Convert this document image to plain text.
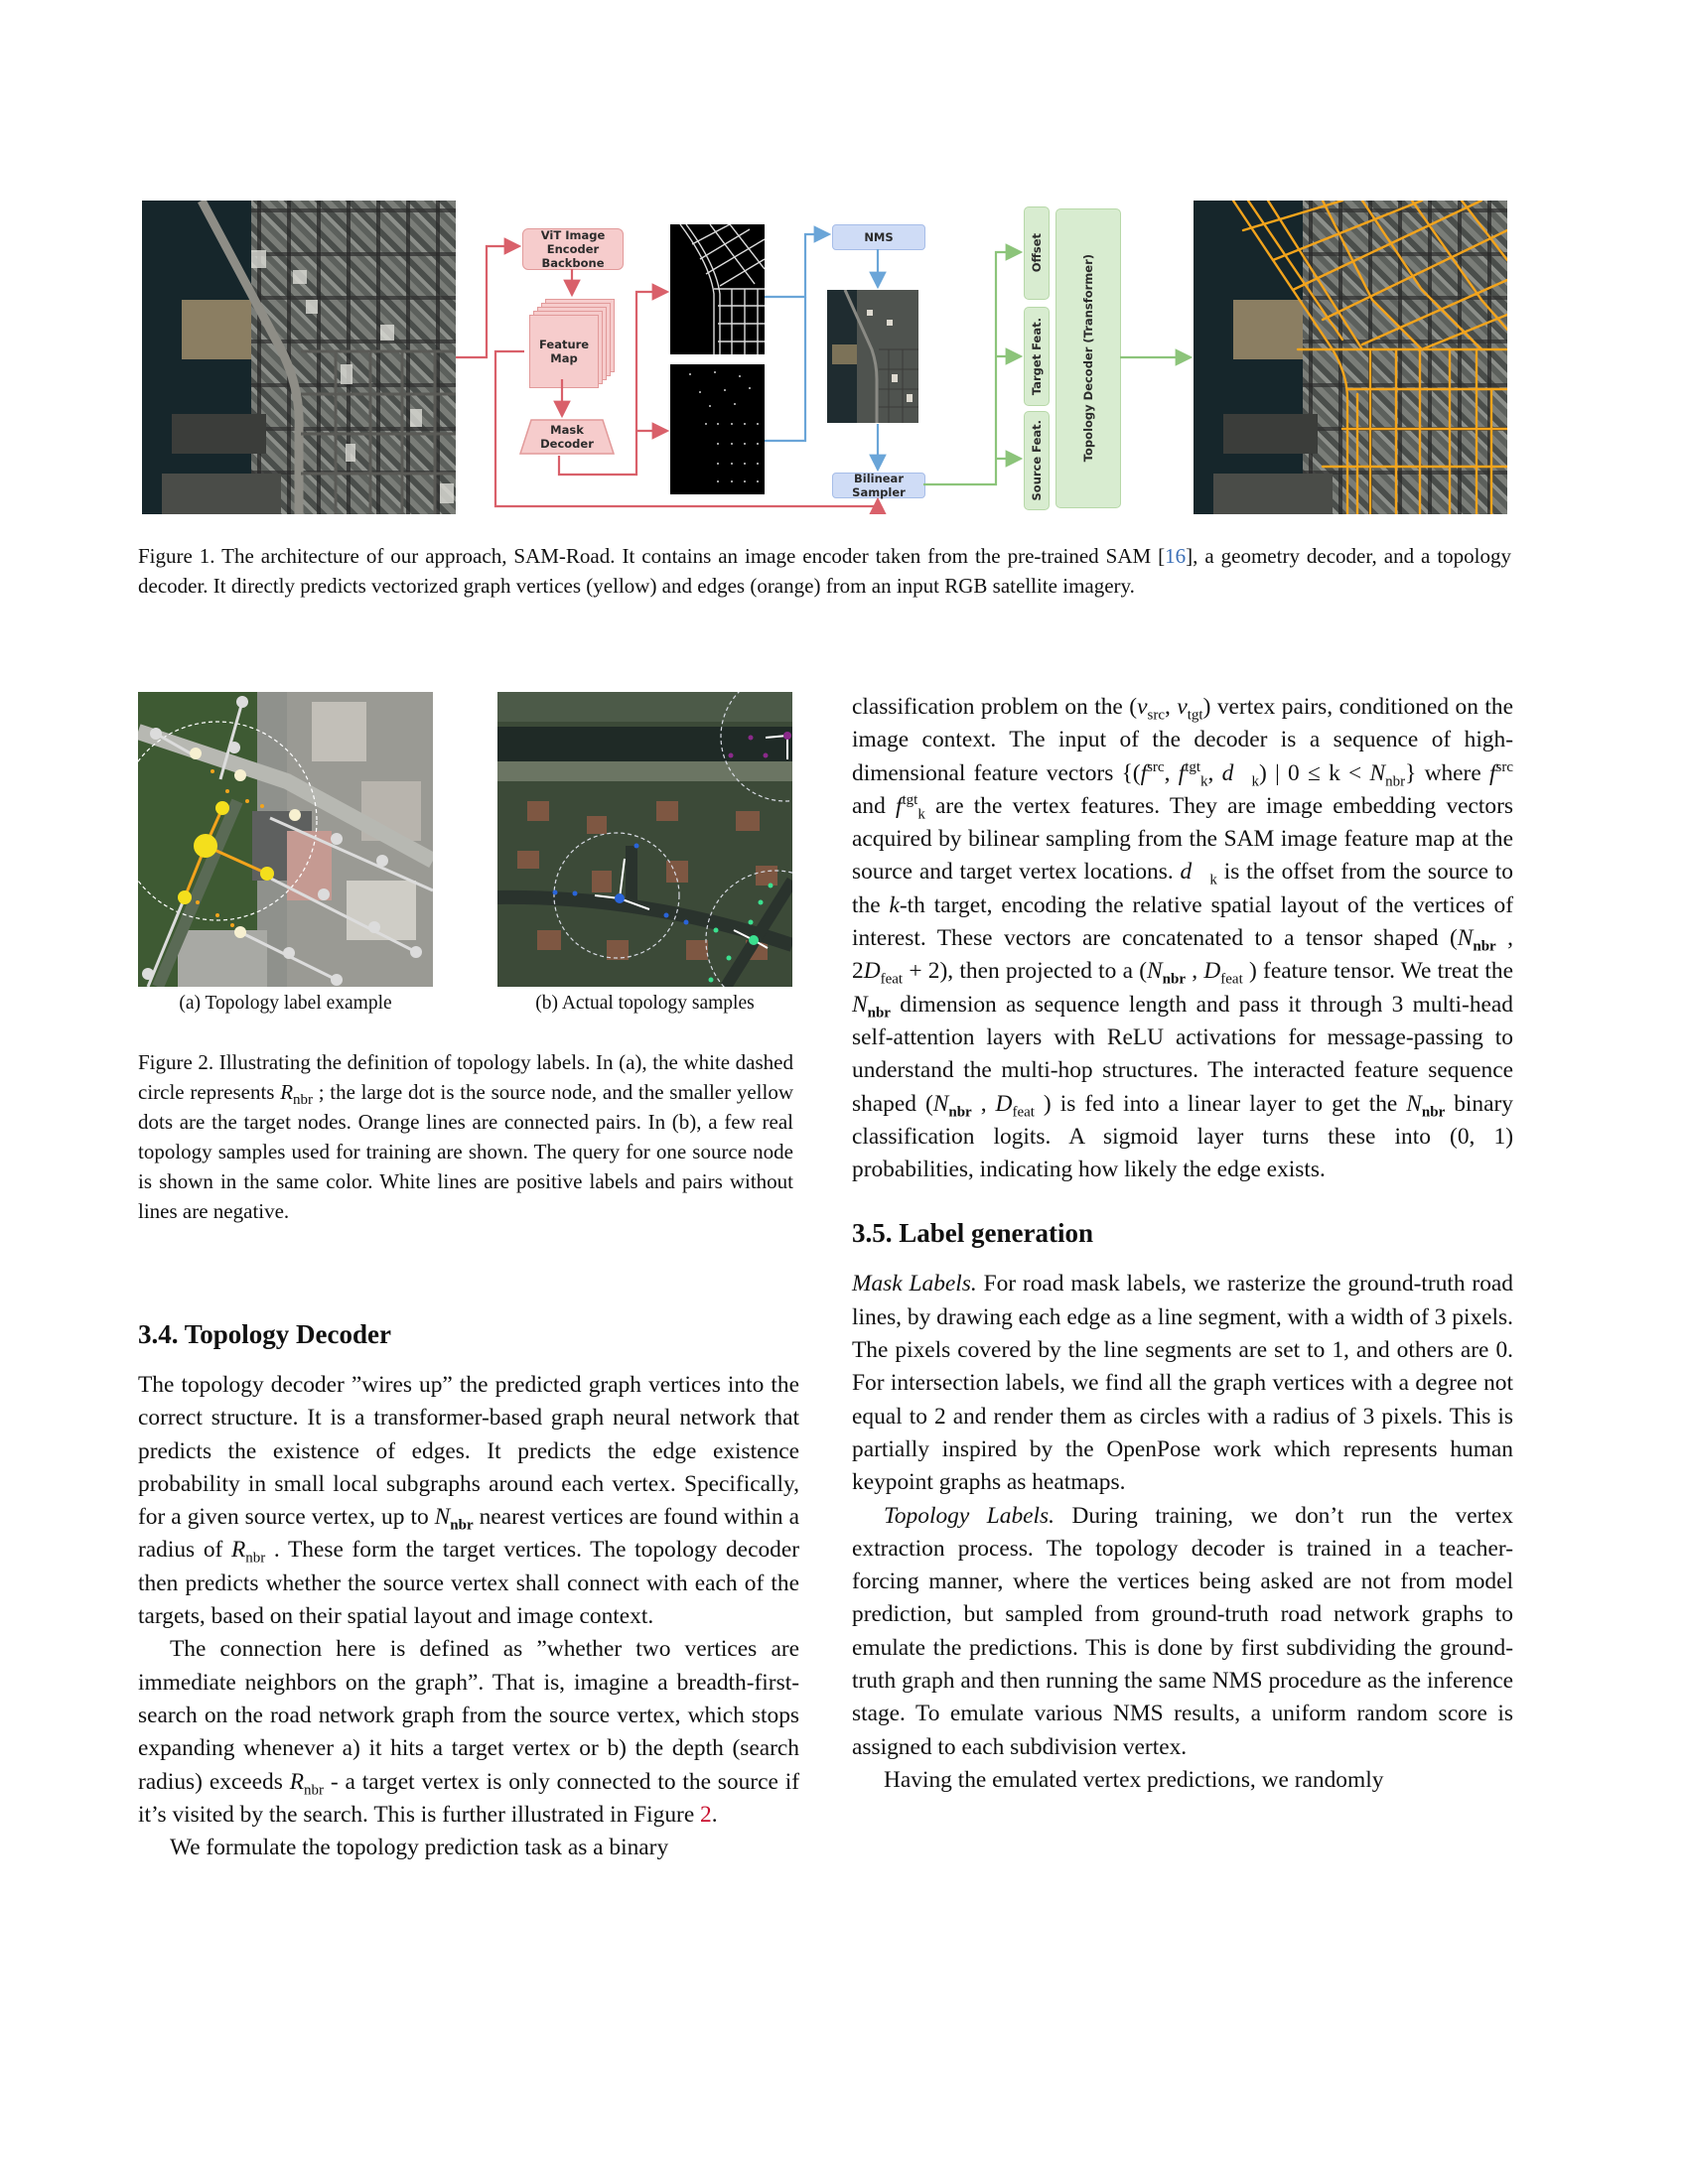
ViT Image Encoder Backbone
Feature Map
Mask Decoder
NMS
Bilinear Sampler
Offset
Target Feat.
Source Feat.	Topology Decoder (Transformer)
Figure 1. The architecture of our approach, SAM-Road. It contains an image encoder taken from the pre-trained SAM [16], a geometry decoder, and a topology decoder. It directly predicts vectorized graph vertices (yellow) and edges (orange) from an input RGB satellite imagery.
(a) Topology label example	(b) Actual topology samples
Figure 2. Illustrating the definition of topology labels. In (a), the white dashed circle represents $R_{nbr}$ ; the large dot is the source node, and the smaller yellow dots are the target nodes. Orange lines are connected pairs. In (b), a few real topology samples used for training are shown. The query for one source node is shown in the same color. White lines are positive labels and pairs without lines are negative.
3.4. Topology Decoder

The topology decoder ”wires up” the predicted graph vertices into the correct structure. It is a transformer-based graph neural network that predicts the existence of edges. It predicts the edge existence probability in small local subgraphs around each vertex. Specifically, for a given source vertex, up to $N_{nbr}$ nearest vertices are found within a radius of $R_{nbr}$ . These form the target vertices. The topology decoder then predicts whether the source vertex shall connect with each of the targets, based on their spatial layout and image context.

The connection here is defined as ”whether two vertices are immediate neighbors on the graph”. That is, imagine a breadth-first-search on the road network graph from the source vertex, which stops expanding whenever a) it hits a target vertex or b) the depth (search radius) exceeds $R_{nbr}$ - a target vertex is only connected to the source if it’s visited by the search. This is further illustrated in Figure 2.

We formulate the topology prediction task as a binary

classification problem on the ($v_{src}$, $v_{tgt}$) vertex pairs, conditioned on the image context. The input of the decoder is a sequence of high-dimensional feature vectors {($f^{src}$, $f^{tgt}_k$, $d⃗_k$) | $0 \le k < N_{nbr}$} where $f^{src}$ and $f^{tgt}_k$ are the vertex features. They are image embedding vectors acquired by bilinear sampling from the SAM image feature map at the source and target vertex locations. $d⃗_k$ is the offset from the source to the k-th target, encoding the relative spatial layout of the vertices of interest. These vectors are concatenated to a tensor shaped ($N_{nbr}$ , $2D_{feat} + 2$), then projected to a ($N_{nbr}$ , $D_{feat}$ ) feature tensor. We treat the $N_{nbr}$ dimension as sequence length and pass it through 3 multi-head self-attention layers with ReLU activations for message-passing to understand the multi-hop structures. The interacted feature sequence shaped ($N_{nbr}$ , $D_{feat}$ ) is fed into a linear layer to get the $N_{nbr}$ binary classification logits. A sigmoid layer turns these into (0, 1) probabilities, indicating how likely the edge exists.

3.5. Label generation

Mask Labels. For road mask labels, we rasterize the ground-truth road lines, by drawing each edge as a line segment, with a width of 3 pixels. The pixels covered by the line segments are set to 1, and others are 0. For intersection labels, we find all the graph vertices with a degree not equal to 2 and render them as circles with a radius of 3 pixels. This is partially inspired by the OpenPose work which represents human keypoint graphs as heatmaps.

Topology Labels. During training, we don’t run the vertex extraction process. The topology decoder is trained in a teacher-forcing manner, where the vertices being asked are not from model prediction, but sampled from ground-truth road network graphs to emulate the predictions. This is done by first subdividing the ground-truth graph and then running the same NMS procedure as the inference stage. To emulate various NMS results, a uniform random score is assigned to each subdivision vertex.

Having the emulated vertex predictions, we randomly
